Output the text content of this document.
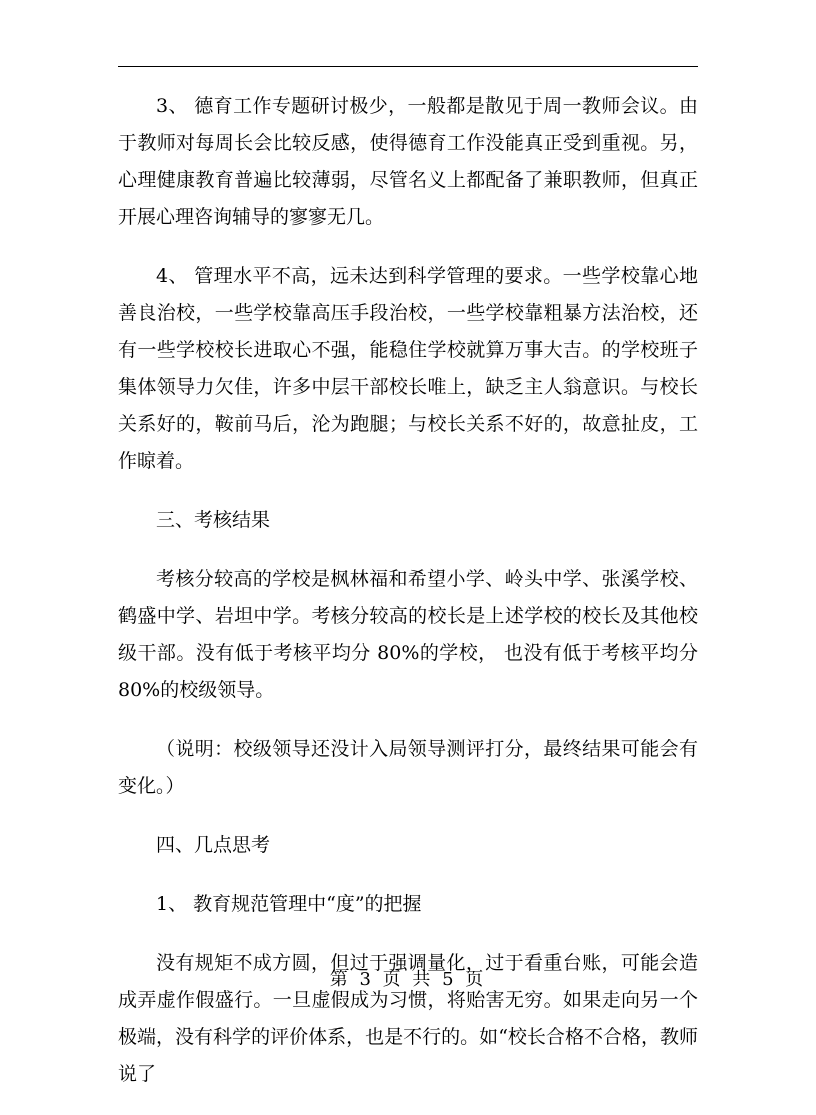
3、 德育工作专题研讨极少，一般都是散见于周一教师会议。由于教师对每周长会比较反感，使得德育工作没能真正受到重视。另，心理健康教育普遍比较薄弱，尽管名义上都配备了兼职教师，但真正开展心理咨询辅导的寥寥无几。

4、 管理水平不高，远未达到科学管理的要求。一些学校靠心地善良治校，一些学校靠高压手段治校，一些学校靠粗暴方法治校，还有一些学校校长进取心不强，能稳住学校就算万事大吉。的学校班子集体领导力欠佳，许多中层干部校长唯上，缺乏主人翁意识。与校长关系好的，鞍前马后，沦为跑腿；与校长关系不好的，故意扯皮，工作晾着。

三、考核结果

考核分较高的学校是枫林福和希望小学、岭头中学、张溪学校、鹤盛中学、岩坦中学。考核分较高的校长是上述学校的校长及其他校级干部。没有低于考核平均分 80%的学校， 也没有低于考核平均分 80%的校级领导。

（说明：校级领导还没计入局领导测评打分，最终结果可能会有变化。）

四、几点思考

1、 教育规范管理中“度”的把握

没有规矩不成方圆，但过于强调量化，过于看重台账，可能会造成弄虚作假盛行。一旦虚假成为习惯，将贻害无穷。如果走向另一个极端，没有科学的评价体系，也是不行的。如“校长合格不合格，教师说了

第 3 页 共 5 页
